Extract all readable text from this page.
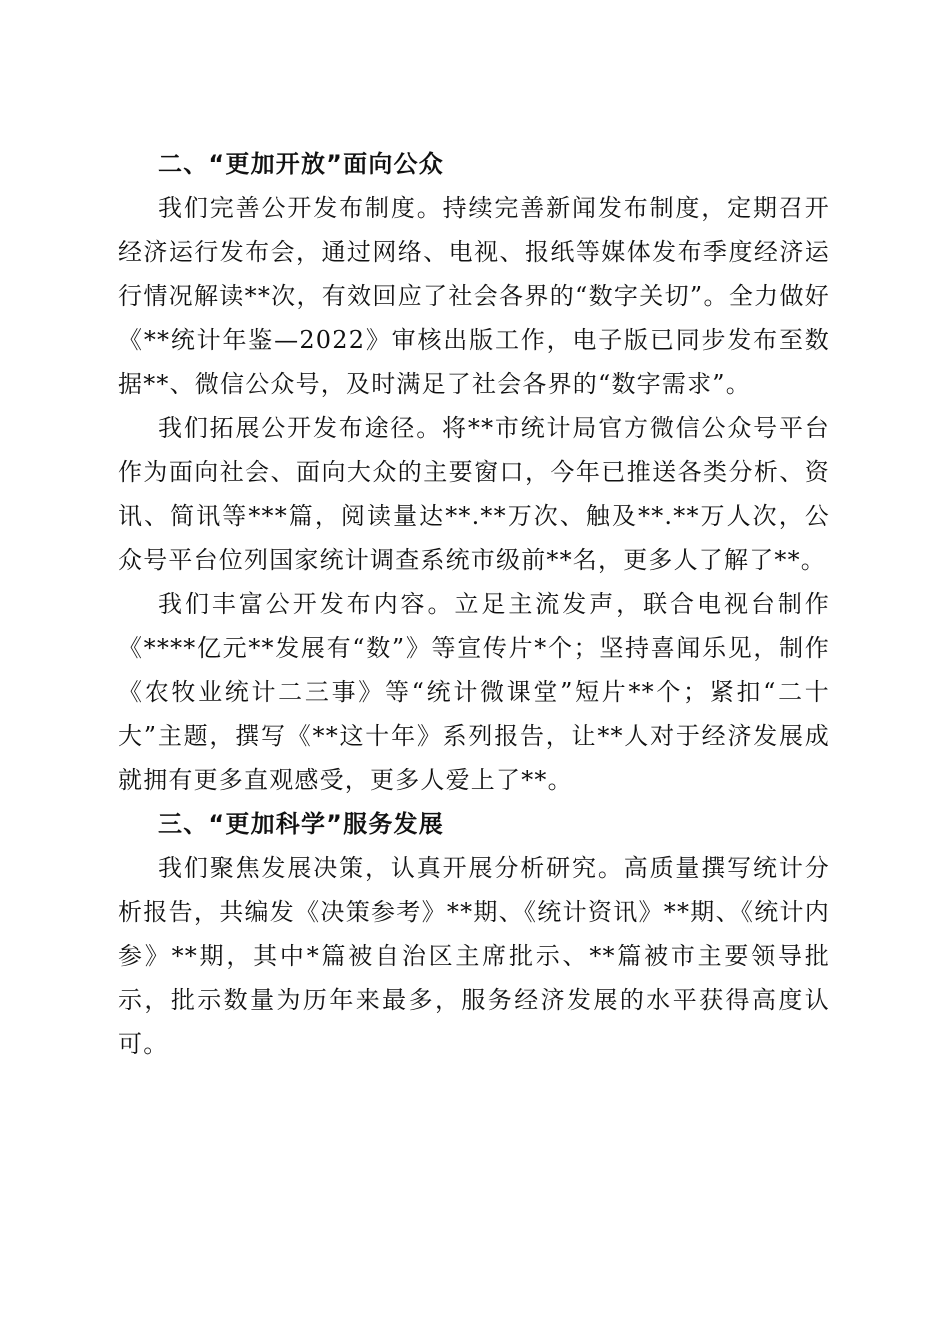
二、“更加开放”面向公众

我们完善公开发布制度。持续完善新闻发布制度，定期召开经济运行发布会，通过网络、电视、报纸等媒体发布季度经济运行情况解读**次，有效回应了社会各界的“数字关切”。全力做好《**统计年鉴—2022》审核出版工作，电子版已同步发布至数据**、微信公众号，及时满足了社会各界的“数字需求”。

我们拓展公开发布途径。将**市统计局官方微信公众号平台作为面向社会、面向大众的主要窗口，今年已推送各类分析、资讯、简讯等***篇，阅读量达**.**万次、触及**.**万人次，公众号平台位列国家统计调查系统市级前**名，更多人了解了**。

我们丰富公开发布内容。立足主流发声，联合电视台制作《****亿元**发展有“数”》等宣传片*个；坚持喜闻乐见，制作《农牧业统计二三事》等“统计微课堂”短片**个；紧扣“二十大”主题，撰写《**这十年》系列报告，让**人对于经济发展成就拥有更多直观感受，更多人爱上了**。

三、“更加科学”服务发展

我们聚焦发展决策，认真开展分析研究。高质量撰写统计分析报告，共编发《决策参考》**期、《统计资讯》**期、《统计内参》**期，其中*篇被自治区主席批示、**篇被市主要领导批示，批示数量为历年来最多，服务经济发展的水平获得高度认可。
